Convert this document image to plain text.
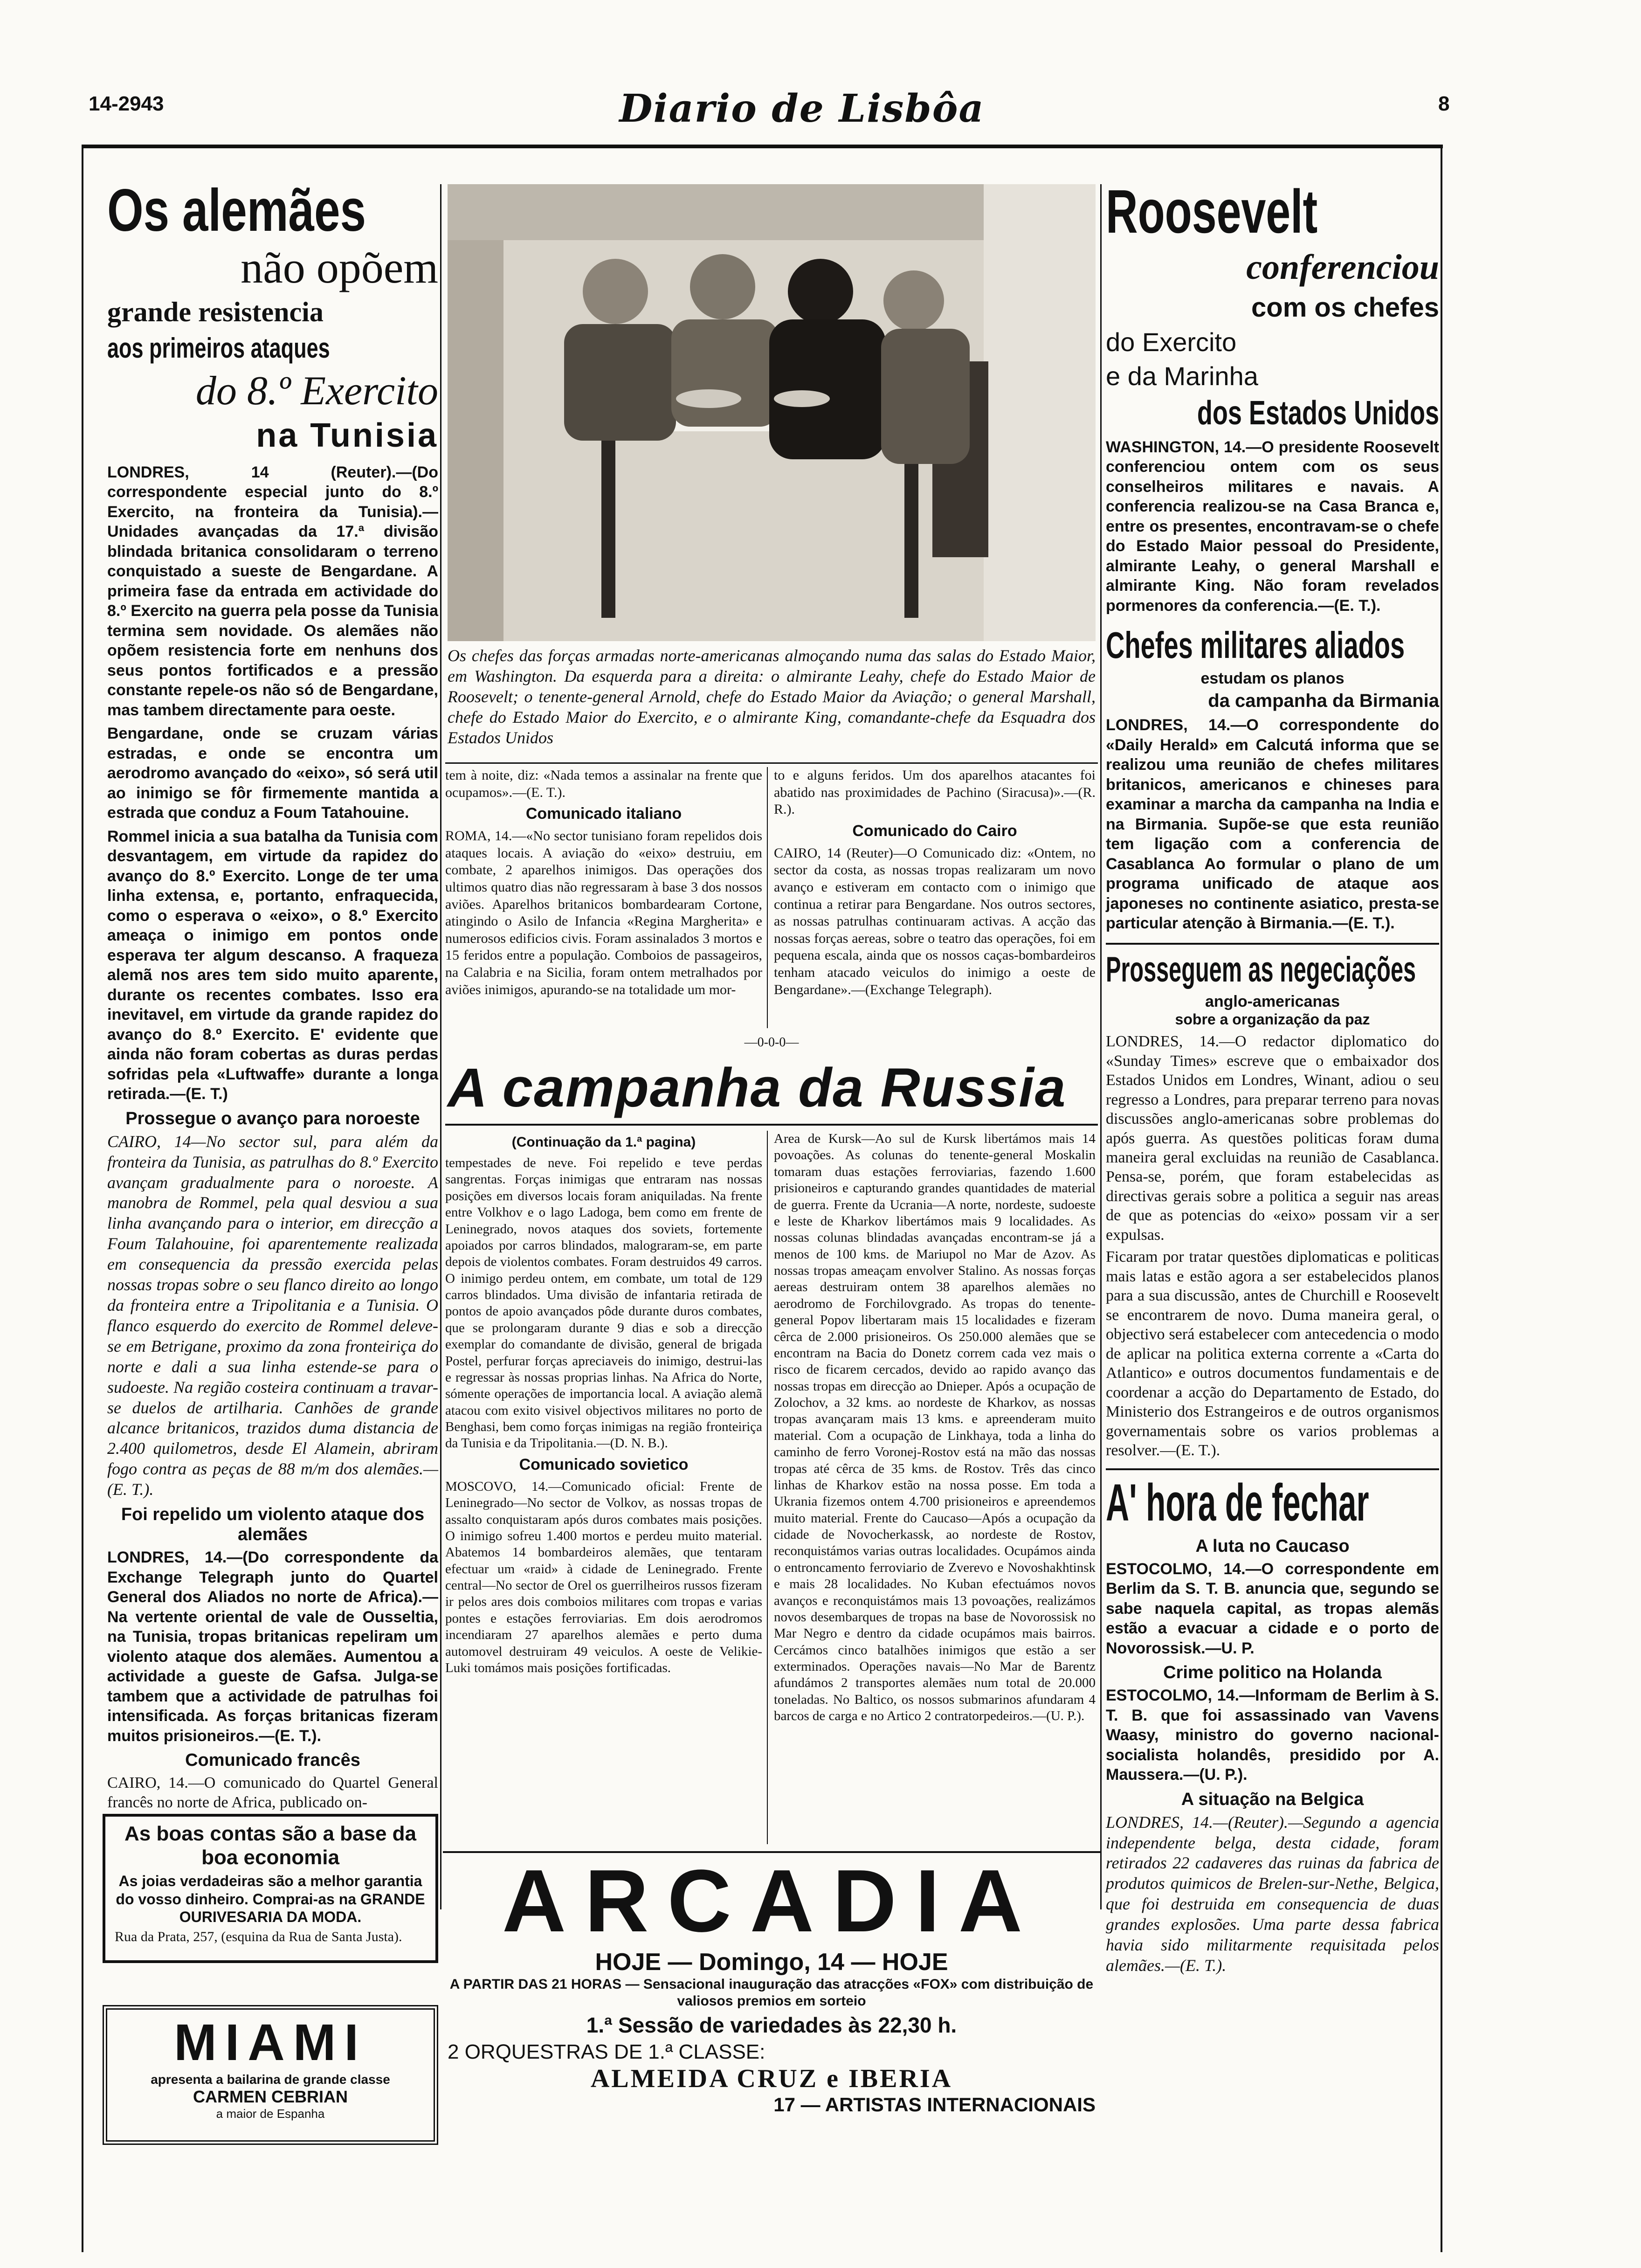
14-2943	Diario de Lisbôa	8
Os alemães
não opõem
grande resistencia
aos primeiros ataques
do 8.º Exercito
na Tunisia

LONDRES, 14 (Reuter).—(Do correspondente especial junto do 8.º Exercito, na fronteira da Tunisia).—Unidades avançadas da 17.ª divisão blindada britanica consolidaram o terreno conquistado a sueste de Bengardane. A primeira fase da entrada em actividade do 8.º Exercito na guerra pela posse da Tunisia termina sem novidade. Os alemães não opõem resistencia forte em nenhuns dos seus pontos fortificados e a pressão constante repele-os não só de Bengardane, mas tambem directamente para oeste.

Bengardane, onde se cruzam várias estradas, e onde se encontra um aerodromo avançado do «eixo», só será util ao inimigo se fôr firmemente mantida a estrada que conduz a Foum Tatahouine.

Rommel inicia a sua batalha da Tunisia com desvantagem, em virtude da rapidez do avanço do 8.º Exercito. Longe de ter uma linha extensa, e, portanto, enfraquecida, como o esperava o «eixo», o 8.º Exercito ameaça o inimigo em pontos onde esperava ter algum descanso. A fraqueza alemã nos ares tem sido muito aparente, durante os recentes combates. Isso era inevitavel, em virtude da grande rapidez do avanço do 8.º Exercito. E' evidente que ainda não foram cobertas as duras perdas sofridas pela «Luftwaffe» durante a longa retirada.—(E. T.)

Prossegue o avanço para noroeste

CAIRO, 14—No sector sul, para além da fronteira da Tunisia, as patrulhas do 8.º Exercito avançam gradualmente para o noroeste. A manobra de Rommel, pela qual desviou a sua linha avançando para o interior, em direcção a Foum Talahouine, foi aparentemente realizada em consequencia da pressão exercida pelas nossas tropas sobre o seu flanco direito ao longo da fronteira entre a Tripolitania e a Tunisia. O flanco esquerdo do exercito de Rommel deleve-se em Betrigane, proximo da zona fronteiriça do norte e dali a sua linha estende-se para o sudoeste. Na região costeira continuam a travar-se duelos de artilharia. Canhões de grande alcance britanicos, trazidos duma distancia de 2.400 quilometros, desde El Alamein, abriram fogo contra as peças de 88 m/m dos alemães.—(E. T.).

Foi repelido um violento ataque dos alemães

LONDRES, 14.—(Do correspondente da Exchange Telegraph junto do Quartel General dos Aliados no norte de Africa).—Na vertente oriental de vale de Ousseltia, na Tunisia, tropas britanicas repeliram um violento ataque dos alemães. Aumentou a actividade a gueste de Gafsa. Julga-se tambem que a actividade de patrulhas foi intensificada. As forças britanicas fizeram muitos prisioneiros.—(E. T.).

Comunicado francês

CAIRO, 14.—O comunicado do Quartel General francês no norte de Africa, publicado on-

As boas contas são a base da boa economia
As joias verdadeiras são a melhor garantia do vosso dinheiro. Comprai-as na GRANDE OURIVESARIA DA MODA.
Rua da Prata, 257, (esquina da Rua de Santa Justa).
MIAMI
apresenta a bailarina de grande classe
CARMEN CEBRIAN
a maior de Espanha

Os chefes das forças armadas norte-americanas almoçando numa das salas do Estado Maior, em Washington. Da esquerda para a direita: o almirante Leahy, chefe do Estado Maior de Roosevelt; o tenente-general Arnold, chefe do Estado Maior da Aviação; o general Marshall, chefe do Estado Maior do Exercito, e o almirante King, comandante-chefe da Esquadra dos Estados Unidos

tem à noite, diz: «Nada temos a assinalar na frente que ocupamos».—(E. T.).

Comunicado italiano

ROMA, 14.—«No sector tunisiano foram repelidos dois ataques locais. A aviação do «eixo» destruiu, em combate, 2 aparelhos inimigos. Das operações dos ultimos quatro dias não regressaram à base 3 dos nossos aviões. Aparelhos britanicos bombardearam Cortone, atingindo o Asilo de Infancia «Regina Margherita» e numerosos edificios civis. Foram assinalados 3 mortos e 15 feridos entre a população. Comboios de passageiros, na Calabria e na Sicilia, foram ontem metralhados por aviões inimigos, apurando-se na totalidade um mor-

to e alguns feridos. Um dos aparelhos atacantes foi abatido nas proximidades de Pachino (Siracusa)».—(R. R.).

Comunicado do Cairo

CAIRO, 14 (Reuter)—O Comunicado diz: «Ontem, no sector da costa, as nossas tropas realizaram um novo avanço e estiveram em contacto com o inimigo que continua a retirar para Bengardane. Nos outros sectores, as nossas patrulhas continuaram activas. A acção das nossas forças aereas, sobre o teatro das operações, foi em pequena escala, ainda que os nossos caças-bombardeiros tenham atacado veiculos do inimigo a oeste de Bengardane».—(Exchange Telegraph).

—0-0-0—
A campanha da Russia
(Continuação da 1.ª pagina)

tempestades de neve. Foi repelido e teve perdas sangrentas. Forças inimigas que entraram nas nossas posições em diversos locais foram aniquiladas. Na frente entre Volkhov e o lago Ladoga, bem como em frente de Leninegrado, novos ataques dos soviets, fortemente apoiados por carros blindados, malograram-se, em parte depois de violentos combates. Foram destruidos 49 carros. O inimigo perdeu ontem, em combate, um total de 129 carros blindados. Uma divisão de infantaria retirada de pontos de apoio avançados pôde durante duros combates, que se prolongaram durante 9 dias e sob a direcção exemplar do comandante de divisão, general de brigada Postel, perfurar forças apreciaveis do inimigo, destrui-las e regressar às nossas proprias linhas. Na Africa do Norte, sómente operações de importancia local. A aviação alemã atacou com exito visivel objectivos militares no porto de Benghasi, bem como forças inimigas na região fronteiriça da Tunisia e da Tripolitania.—(D. N. B.).

Comunicado sovietico

MOSCOVO, 14.—Comunicado oficial: Frente de Leninegrado—No sector de Volkov, as nossas tropas de assalto conquistaram após duros combates mais posições. O inimigo sofreu 1.400 mortos e perdeu muito material. Abatemos 14 bombardeiros alemães, que tentaram efectuar um «raid» à cidade de Leninegrado. Frente central—No sector de Orel os guerrilheiros russos fizeram ir pelos ares dois comboios militares com tropas e varias pontes e estações ferroviarias. Em dois aerodromos incendiaram 27 aparelhos alemães e perto duma automovel destruiram 49 veiculos. A oeste de Velikie-Luki tomámos mais posições fortificadas.

Area de Kursk—Ao sul de Kursk libertámos mais 14 povoações. As colunas do tenente-general Moskalin tomaram duas estações ferroviarias, fazendo 1.600 prisioneiros e capturando grandes quantidades de material de guerra. Frente da Ucrania—A norte, nordeste, sudoeste e leste de Kharkov libertámos mais 9 localidades. As nossas colunas blindadas avançadas encontram-se já a menos de 100 kms. de Mariupol no Mar de Azov. As nossas tropas ameaçam envolver Stalino. As nossas forças aereas destruiram ontem 38 aparelhos alemães no aerodromo de Forchilovgrado. As tropas do tenente-general Popov libertaram mais 15 localidades e fizeram cêrca de 2.000 prisioneiros. Os 250.000 alemães que se encontram na Bacia do Donetz correm cada vez mais o risco de ficarem cercados, devido ao rapido avanço das nossas tropas em direcção ao Dnieper. Após a ocupação de Zolochov, a 32 kms. ao nordeste de Kharkov, as nossas tropas avançaram mais 13 kms. e apreenderam muito material. Com a ocupação de Linkhaya, toda a linha do caminho de ferro Voronej-Rostov está na mão das nossas tropas até cêrca de 35 kms. de Rostov. Três das cinco linhas de Kharkov estão na nossa posse. Em toda a Ukrania fizemos ontem 4.700 prisioneiros e apreendemos muito material. Frente do Caucaso—Após a ocupação da cidade de Novocherkassk, ao nordeste de Rostov, reconquistámos varias outras localidades. Ocupámos ainda o entroncamento ferroviario de Zverevo e Novoshakhtinsk e mais 28 localidades. No Kuban efectuámos novos avanços e reconquistámos mais 13 povoações, realizámos novos desembarques de tropas na base de Novorossisk no Mar Negro e dentro da cidade ocupámos mais bairros. Cercámos cinco batalhões inimigos que estão a ser exterminados. Operações navais—No Mar de Barentz afundámos 2 transportes alemães num total de 20.000 toneladas. No Baltico, os nossos submarinos afundaram 4 barcos de carga e no Artico 2 contratorpedeiros.—(U. P.).

ARCADIA
HOJE — Domingo, 14 — HOJE
A PARTIR DAS 21 HORAS — Sensacional inauguração das atracções «FOX» com distribuição de valiosos premios em sorteio
1.ª Sessão de variedades às 22,30 h.
2 ORQUESTRAS DE 1.ª CLASSE:
ALMEIDA CRUZ e IBERIA
17 — ARTISTAS INTERNACIONAIS
Roosevelt
conferenciou
com os chefes
do Exercito
e da Marinha
dos Estados Unidos

WASHINGTON, 14.—O presidente Roosevelt conferenciou ontem com os seus conselheiros militares e navais. A conferencia realizou-se na Casa Branca e, entre os presentes, encontravam-se o chefe do Estado Maior pessoal do Presidente, almirante Leahy, o general Marshall e almirante King. Não foram revelados pormenores da conferencia.—(E. T.).

Chefes militares aliados
estudam os planos
da campanha da Birmania

LONDRES, 14.—O correspondente do «Daily Herald» em Calcutá informa que se realizou uma reunião de chefes militares britanicos, americanos e chineses para examinar a marcha da campanha na India e na Birmania. Supõe-se que esta reunião tem ligação com a conferencia de Casablanca Ao formular o plano de um programa unificado de ataque aos japoneses no continente asiatico, presta-se particular atenção à Birmania.—(E. T.).

Prosseguem as negeciações
anglo-americanas
sobre a organização da paz

LONDRES, 14.—O redactor diplomatico do «Sunday Times» escreve que o embaixador dos Estados Unidos em Londres, Winant, adiou o seu regresso a Londres, para preparar terreno para novas discussões anglo-americanas sobre problemas do após guerra. As questões politicas forам duma maneira geral excluidas na reunião de Casablanca. Pensa-se, porém, que foram estabelecidas as directivas gerais sobre a politica a seguir nas areas de que as potencias do «eixo» possam vir a ser expulsas.

Ficaram por tratar questões diplomaticas e politicas mais latas e estão agora a ser estabelecidos planos para a sua discussão, antes de Churchill e Roosevelt se encontrarem de novo. Duma maneira geral, o objectivo será estabelecer com antecedencia o modo de aplicar na politica externa corrente a «Carta do Atlantico» e outros documentos fundamentais e de coordenar a acção do Departamento de Estado, do Ministerio dos Estrangeiros e de outros organismos governamentais sobre os varios problemas a resolver.—(E. T.).

A' hora de fechar
A luta no Caucaso

ESTOCOLMO, 14.—O correspondente em Berlim da S. T. B. anuncia que, segundo se sabe naquela capital, as tropas alemãs estão a evacuar a cidade e o porto de Novorossisk.—U. P.

Crime politico na Holanda

ESTOCOLMO, 14.—Informam de Berlim à S. T. B. que foi assassinado van Vavens Waasy, ministro do governo nacional-socialista holandês, presidido por A. Maussera.—(U. P.).

A situação na Belgica

LONDRES, 14.—(Reuter).—Segundo a agencia independente belga, desta cidade, foram retirados 22 cadaveres das ruinas da fabrica de produtos quimicos de Brelen-sur-Nethe, Belgica, que foi destruida em consequencia de duas grandes explosões. Uma parte dessa fabrica havia sido militarmente requisitada pelos alemães.—(E. T.).
